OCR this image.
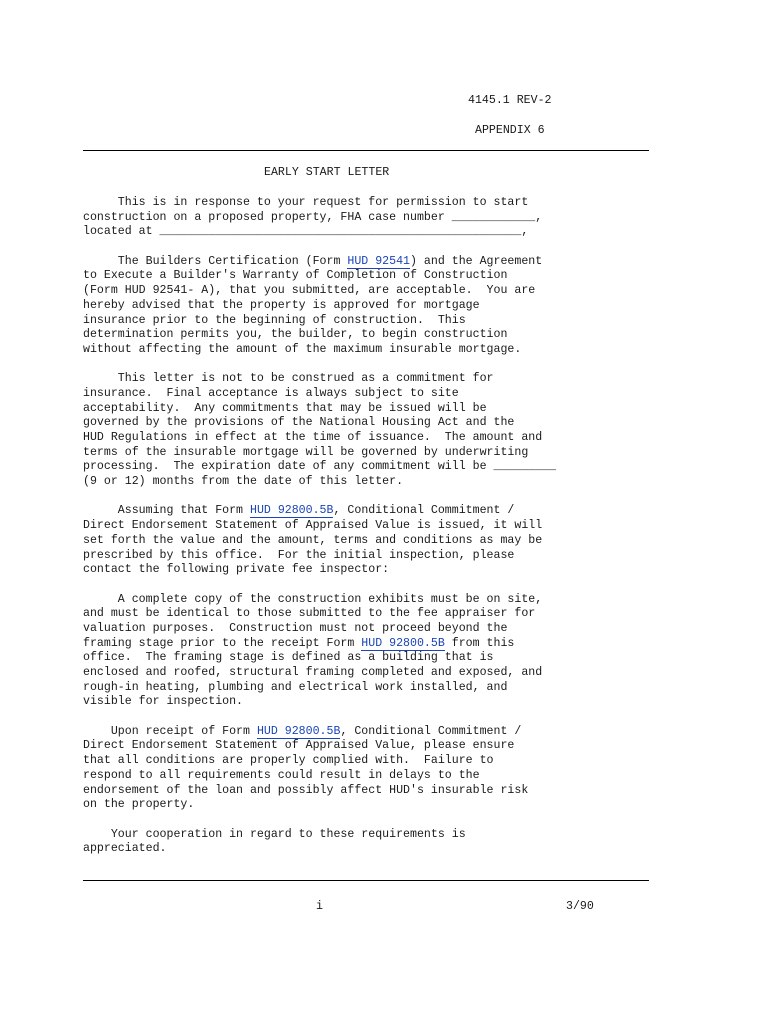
4145.1 REV-2
APPENDIX 6
EARLY START LETTER
This is in response to your request for permission to start
construction on a proposed property, FHA case number ____________,
located at ____________________________________________________,
The Builders Certification (Form HUD 92541) and the Agreement
to Execute a Builder's Warranty of Completion of Construction
(Form HUD 92541- A), that you submitted, are acceptable.  You are
hereby advised that the property is approved for mortgage
insurance prior to the beginning of construction.  This
determination permits you, the builder, to begin construction
without affecting the amount of the maximum insurable mortgage.
This letter is not to be construed as a commitment for
insurance.  Final acceptance is always subject to site
acceptability.  Any commitments that may be issued will be
governed by the provisions of the National Housing Act and the
HUD Regulations in effect at the time of issuance.  The amount and
terms of the insurable mortgage will be governed by underwriting
processing.  The expiration date of any commitment will be _________
(9 or 12) months from the date of this letter.
Assuming that Form HUD 92800.5B, Conditional Commitment /
Direct Endorsement Statement of Appraised Value is issued, it will
set forth the value and the amount, terms and conditions as may be
prescribed by this office.  For the initial inspection, please
contact the following private fee inspector:
A complete copy of the construction exhibits must be on site,
and must be identical to those submitted to the fee appraiser for
valuation purposes.  Construction must not proceed beyond the
framing stage prior to the receipt Form HUD 92800.5B from this
office.  The framing stage is defined as a building that is
enclosed and roofed, structural framing completed and exposed, and
rough-in heating, plumbing and electrical work installed, and
visible for inspection.
Upon receipt of Form HUD 92800.5B, Conditional Commitment /
Direct Endorsement Statement of Appraised Value, please ensure
that all conditions are properly complied with.  Failure to
respond to all requirements could result in delays to the
endorsement of the loan and possibly affect HUD's insurable risk
on the property.
Your cooperation in regard to these requirements is
appreciated.
i	3/90
